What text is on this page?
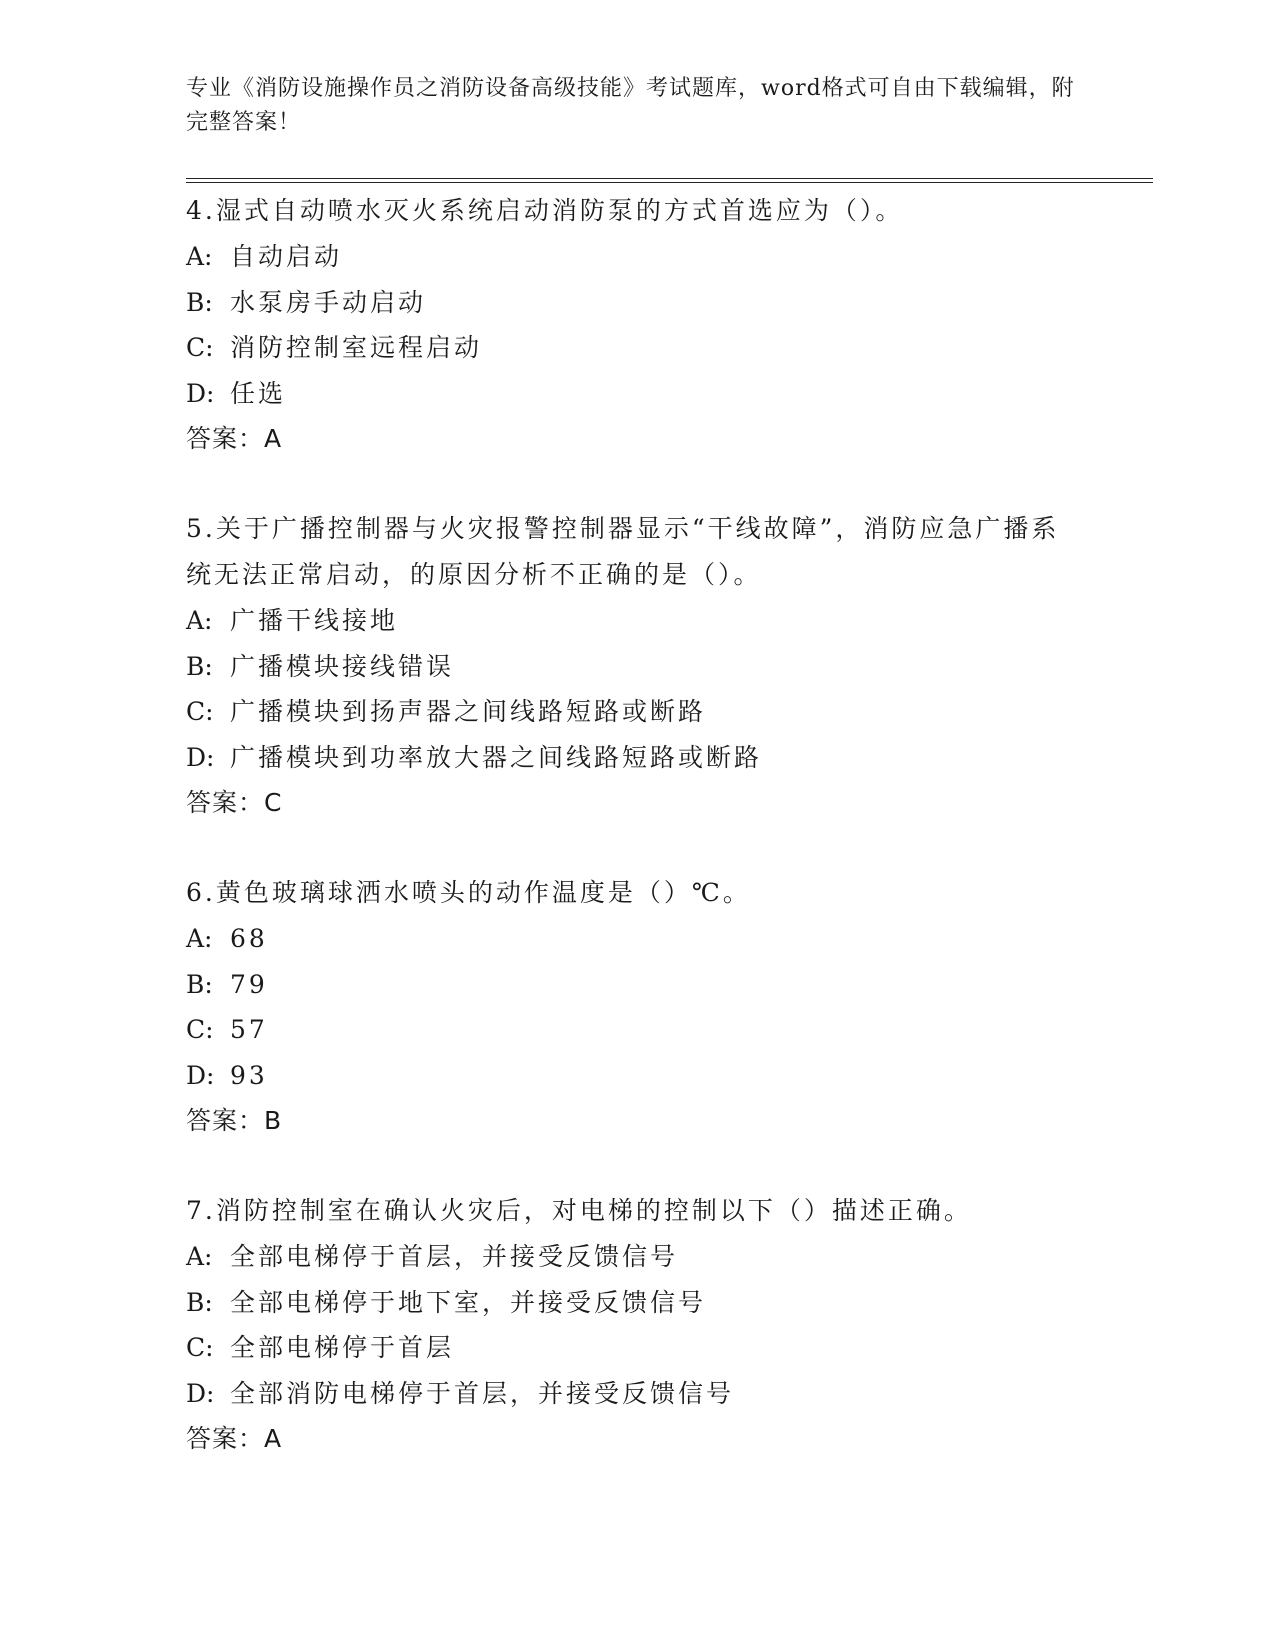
专业《消防设施操作员之消防设备高级技能》考试题库，word格式可自由下载编辑，附完整答案！

4.湿式自动喷水灭火系统启动消防泵的方式首选应为（）。

A: 自动启动

B: 水泵房手动启动

C: 消防控制室远程启动

D: 任选

答案：A

5.关于广播控制器与火灾报警控制器显示“干线故障”，消防应急广播系统无法正常启动，的原因分析不正确的是（）。

A: 广播干线接地

B: 广播模块接线错误

C: 广播模块到扬声器之间线路短路或断路

D: 广播模块到功率放大器之间线路短路或断路

答案：C

6.黄色玻璃球洒水喷头的动作温度是（）℃。

A: 68

B: 79

C: 57

D: 93

答案：B

7.消防控制室在确认火灾后，对电梯的控制以下（）描述正确。

A: 全部电梯停于首层，并接受反馈信号

B: 全部电梯停于地下室，并接受反馈信号

C: 全部电梯停于首层

D: 全部消防电梯停于首层，并接受反馈信号

答案：A
